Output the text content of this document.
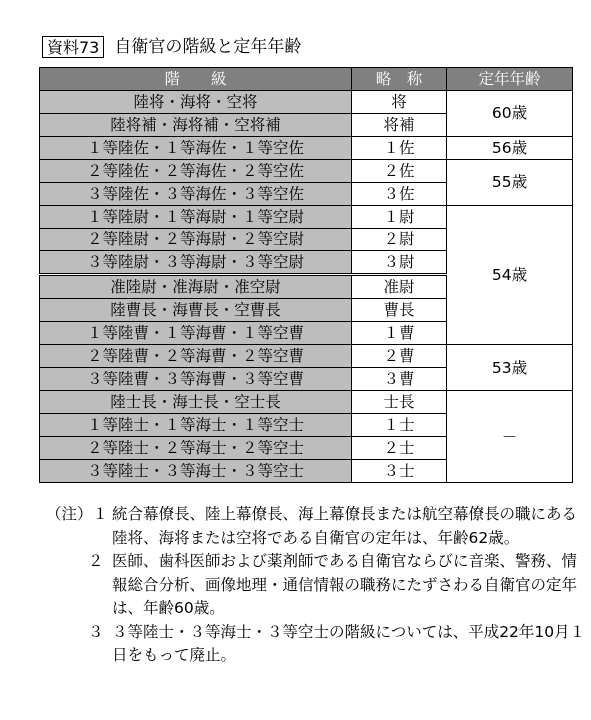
資料73 自衛官の階級と定年年齢
階　　級	略　称	定年年齢
陸将・海将・空将	将	60歳
陸将補・海将補・空将補	将補	
１等陸佐・１等海佐・１等空佐	１佐	56歳
２等陸佐・２等海佐・２等空佐	２佐	55歳
３等陸佐・３等海佐・３等空佐	３佐	
１等陸尉・１等海尉・１等空尉	１尉	54歳
２等陸尉・２等海尉・２等空尉	２尉	
３等陸尉・３等海尉・３等空尉	３尉	
准陸尉・准海尉・准空尉	准尉	
陸曹長・海曹長・空曹長	曹長	
１等陸曹・１等海曹・１等空曹	１曹	
２等陸曹・２等海曹・２等空曹	２曹	53歳
３等陸曹・３等海曹・３等空曹	３曹	
陸士長・海士長・空士長	士長	－
１等陸士・１等海士・１等空士	１士	
２等陸士・２等海士・２等空士	２士	
３等陸士・３等海士・３等空士	３士	
（注）１ 統合幕僚長、陸上幕僚長、海上幕僚長または航空幕僚長の職にある陸将、海将または空将である自衛官の定年は、年齢62歳。
２ 医師、歯科医師および薬剤師である自衛官ならびに音楽、警務、情報総合分析、画像地理・通信情報の職務にたずさわる自衛官の定年は、年齢60歳。
３ ３等陸士・３等海士・３等空士の階級については、平成22年10月１日をもって廃止。
